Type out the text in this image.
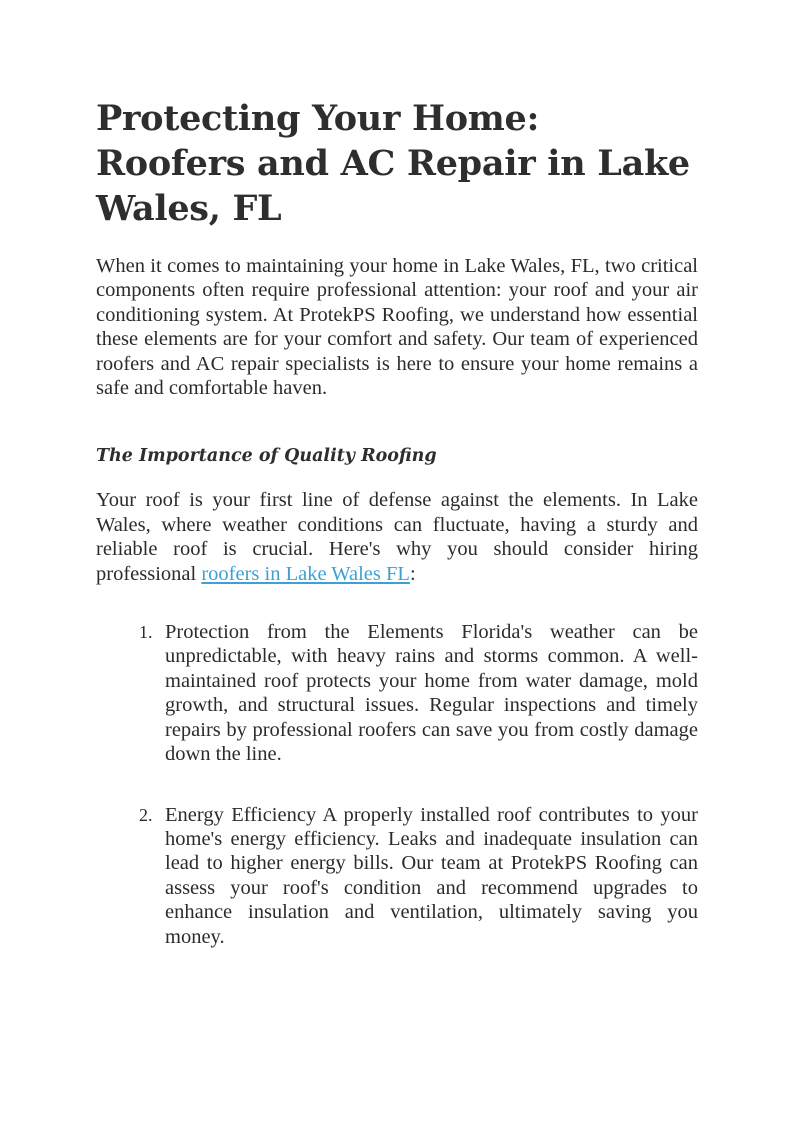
Protecting Your Home: Roofers and AC Repair in Lake Wales, FL

When it comes to maintaining your home in Lake Wales, FL, two critical components often require professional attention: your roof and your air conditioning system. At ProtekPS Roofing, we understand how essential these elements are for your comfort and safety. Our team of experienced roofers and AC repair specialists is here to ensure your home remains a safe and comfortable haven.

The Importance of Quality Roofing

Your roof is your first line of defense against the elements. In Lake Wales, where weather conditions can fluctuate, having a sturdy and reliable roof is crucial. Here's why you should consider hiring professional roofers in Lake Wales FL:

1. Protection from the Elements Florida's weather can be unpredictable, with heavy rains and storms common. A well-maintained roof protects your home from water damage, mold growth, and structural issues. Regular inspections and timely repairs by professional roofers can save you from costly damage down the line.
2. Energy Efficiency A properly installed roof contributes to your home's energy efficiency. Leaks and inadequate insulation can lead to higher energy bills. Our team at ProtekPS Roofing can assess your roof's condition and recommend upgrades to enhance insulation and ventilation, ultimately saving you money.
